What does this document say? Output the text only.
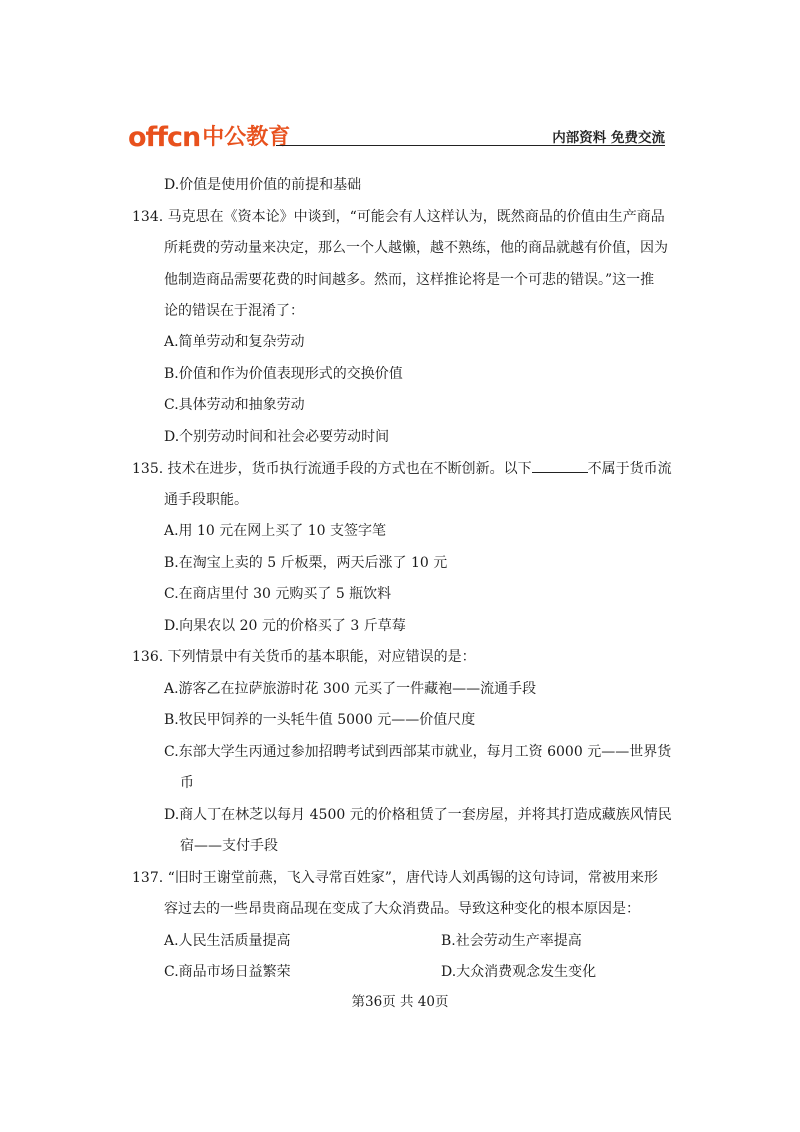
offcn 中公教育	内部资料 免费交流
D.价值是使用价值的前提和基础
134. 马克思在《资本论》中谈到，“可能会有人这样认为，既然商品的价值由生产商品
所耗费的劳动量来决定，那么一个人越懒，越不熟练，他的商品就越有价值，因为
他制造商品需要花费的时间越多。然而，这样推论将是一个可悲的错误。”这一推
论的错误在于混淆了：
A.简单劳动和复杂劳动
B.价值和作为价值表现形式的交换价值
C.具体劳动和抽象劳动
D.个别劳动时间和社会必要劳动时间
135. 技术在进步，货币执行流通手段的方式也在不断创新。以下	不属于货币流
通手段职能。
A.用 10 元在网上买了 10 支签字笔
B.在淘宝上卖的 5 斤板栗，两天后涨了 10 元
C.在商店里付 30 元购买了 5 瓶饮料
D.向果农以 20 元的价格买了 3 斤草莓
136. 下列情景中有关货币的基本职能，对应错误的是：
A.游客乙在拉萨旅游时花 300 元买了一件藏袍——流通手段
B.牧民甲饲养的一头牦牛值 5000 元——价值尺度
C.东部大学生丙通过参加招聘考试到西部某市就业，每月工资 6000 元——世界货
币
D.商人丁在林芝以每月 4500 元的价格租赁了一套房屋，并将其打造成藏族风情民
宿——支付手段
137. “旧时王谢堂前燕，飞入寻常百姓家”，唐代诗人刘禹锡的这句诗词，常被用来形
容过去的一些昂贵商品现在变成了大众消费品。导致这种变化的根本原因是：
A.人民生活质量提高	B.社会劳动生产率提高
C.商品市场日益繁荣	D.大众消费观念发生变化
第36页 共 40页
